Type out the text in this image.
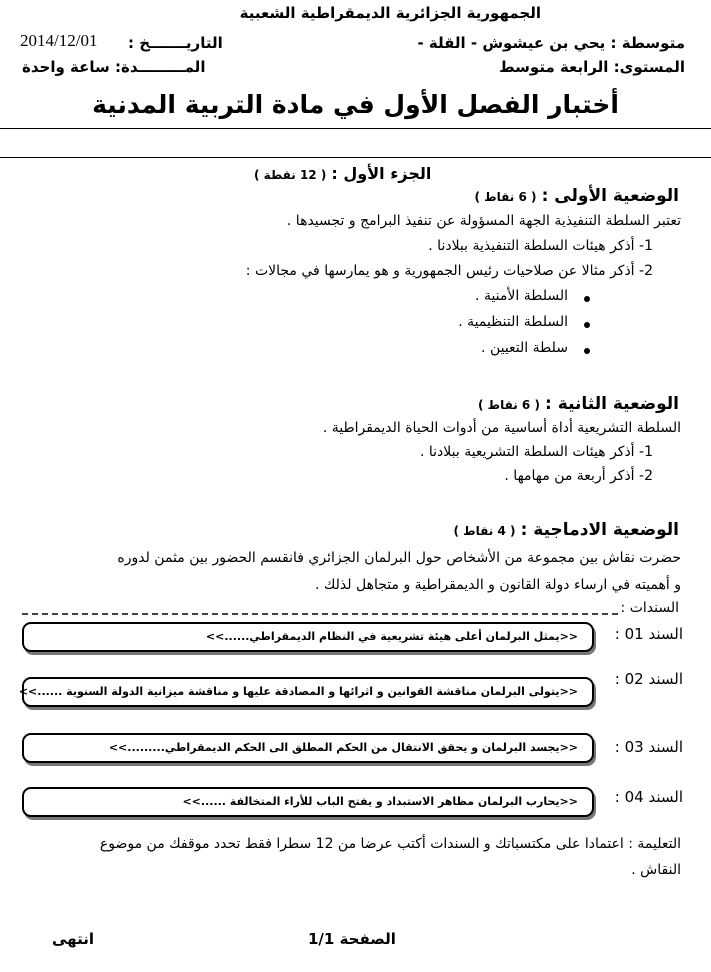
الجمهورية الجزائرية الديمقراطية الشعبية
متوسطة : يحي بن عيشوش - القلة -
المستوى: الرابعة متوسط
2014/12/01 التاريـــــــخ :
المـــــــــدة: ساعة واحدة
أختبار الفصل الأول في مادة التربية المدنية
الجزء الأول : ( 12 نقطة )
الوضعية الأولى : ( 6 نقاط )
تعتبر السلطة التنفيذية الجهة المسؤولة عن تنفيذ البرامج و تجسيدها .
1- أذكر هيئات السلطة التنفيذية ببلادنا .
2- أذكر مثالا عن صلاحيات رئيس الجمهورية و هو يمارسها في مجالات :
السلطة الأمنية .
السلطة التنظيمية .
سلطة التعيين .
الوضعية الثانية : ( 6 نقاط )
السلطة التشريعية أداة أساسية من أدوات الحياة الديمقراطية .
1- أذكر هيئات السلطة التشريعية ببلادنا .
2- أذكر أربعة من مهامها .
الوضعية الادماجية : ( 4 نقاط )
حضرت نقاش بين مجموعة من الأشخاص حول البرلمان الجزائري فانقسم الحضور بين مثمن لدوره
و أهميته في ارساء دولة القانون و الديمقراطية و متجاهل لذلك .
السندات :
<<يمثل البرلمان أعلى هيئة تشريعية في النظام الديمقراطي......>> السند 01 :
<<يتولى البرلمان مناقشة القوانين و اثرائها و المصادقة عليها و مناقشة ميزانية الدولة السنوية ......>>
السند 02 :
<<يجسد البرلمان و يحقق الانتقال من الحكم المطلق الى الحكم الديمقراطي.........>> السند 03 :
<<يحارب البرلمان مظاهر الاستبداد و يفتح الباب للأراء المتخالفة ......>> السند 04 :
التعليمة : اعتمادا على مكتسباتك و السندات أكتب عرضا من 12 سطرا فقط تحدد موقفك من موضوع
النقاش .
الصفحة 1/1
انتهى
